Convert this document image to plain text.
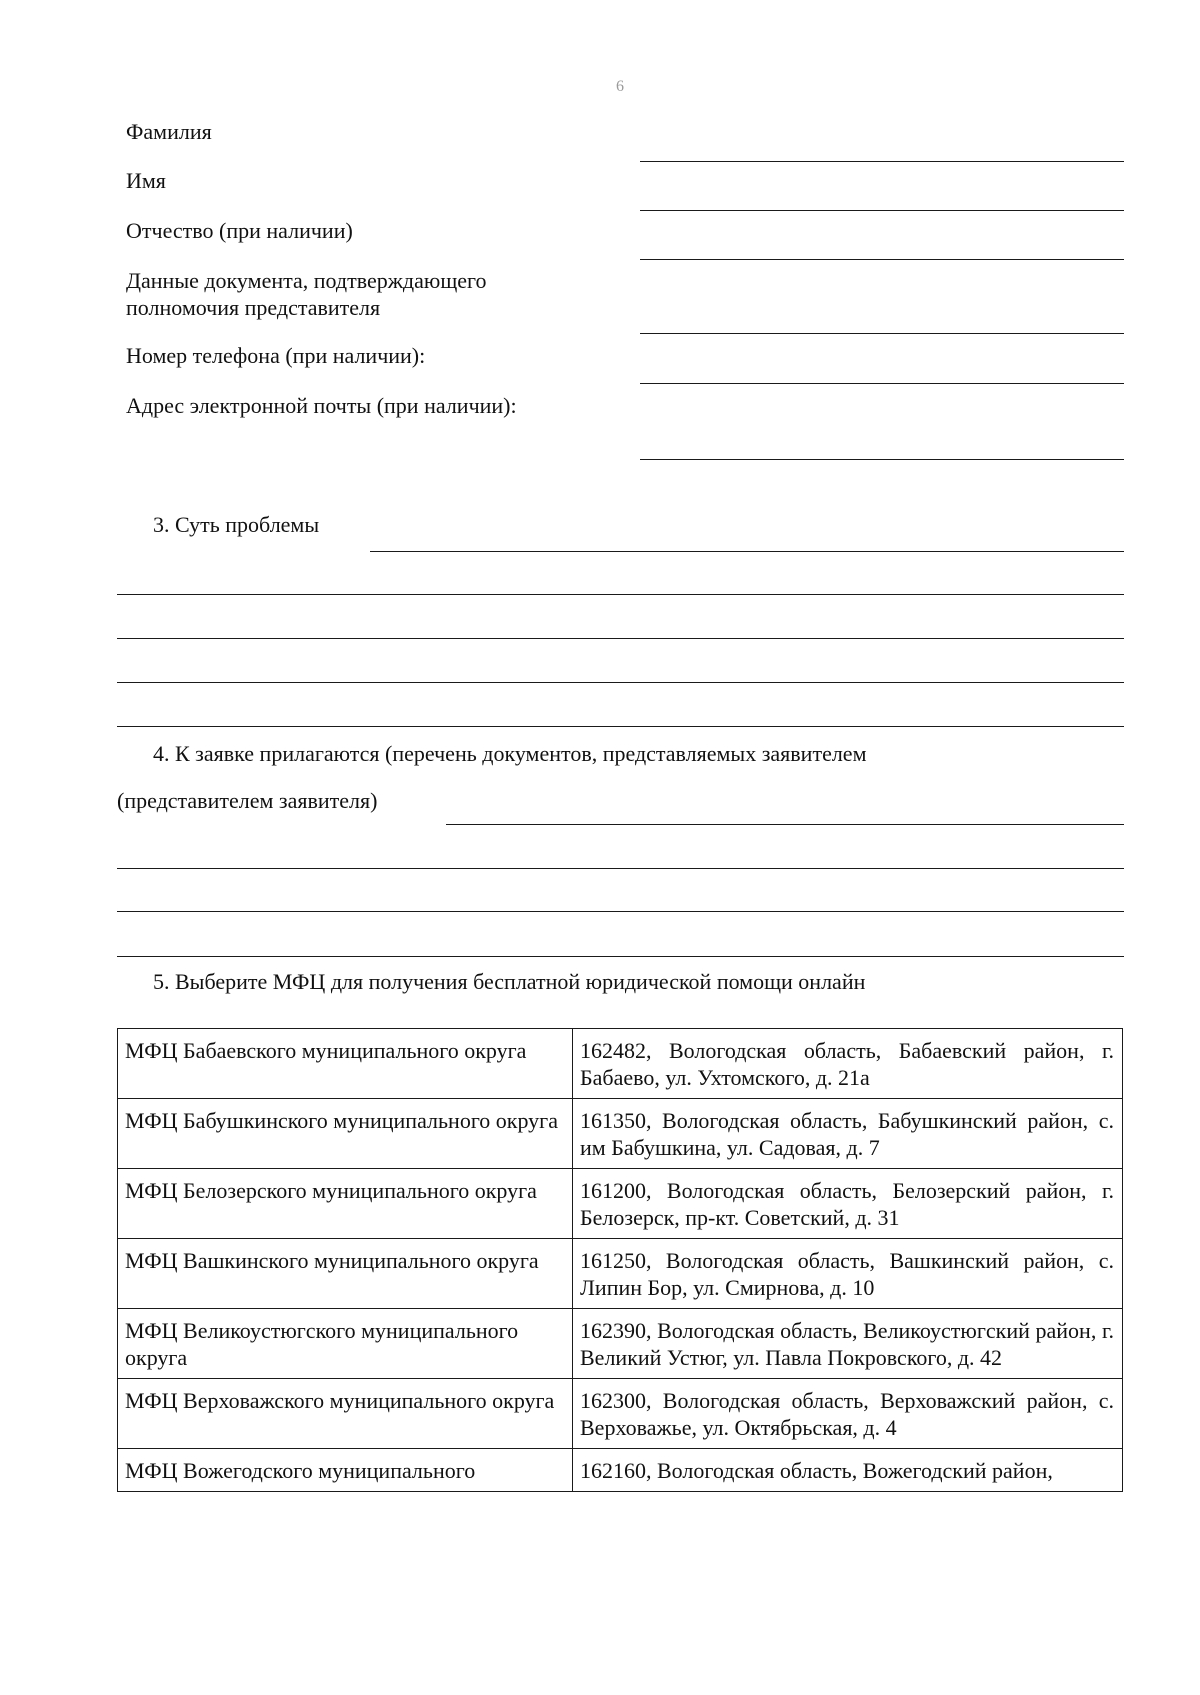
6
Фамилия
Имя
Отчество (при наличии)
Данные документа, подтверждающего полномочия представителя
Номер телефона (при наличии):
Адрес электронной почты (при наличии):
3. Суть проблемы
4. К заявке прилагаются (перечень документов, представляемых заявителем
(представителем заявителя)
5. Выберите МФЦ для получения бесплатной юридической помощи онлайн
МФЦ Бабаевского муниципального округа	162482, Вологодская область, Бабаевский район, г. Бабаево, ул. Ухтомского, д. 21а
МФЦ Бабушкинского муниципального округа	161350, Вологодская область, Бабушкинский район, с. им Бабушкина, ул. Садовая, д. 7
МФЦ Белозерского муниципального округа	161200, Вологодская область, Белозерский район, г. Белозерск, пр-кт. Советский, д. 31
МФЦ Вашкинского муниципального округа	161250, Вологодская область, Вашкинский район, с. Липин Бор, ул. Смирнова, д. 10
МФЦ Великоустюгского муниципального округа	162390, Вологодская область, Великоустюгский район, г. Великий Устюг, ул. Павла Покровского, д. 42
МФЦ Верховажского муниципального округа	162300, Вологодская область, Верховажский район, с. Верховажье, ул. Октябрьская, д. 4
МФЦ Вожегодского муниципального	162160, Вологодская область, Вожегодский район,
